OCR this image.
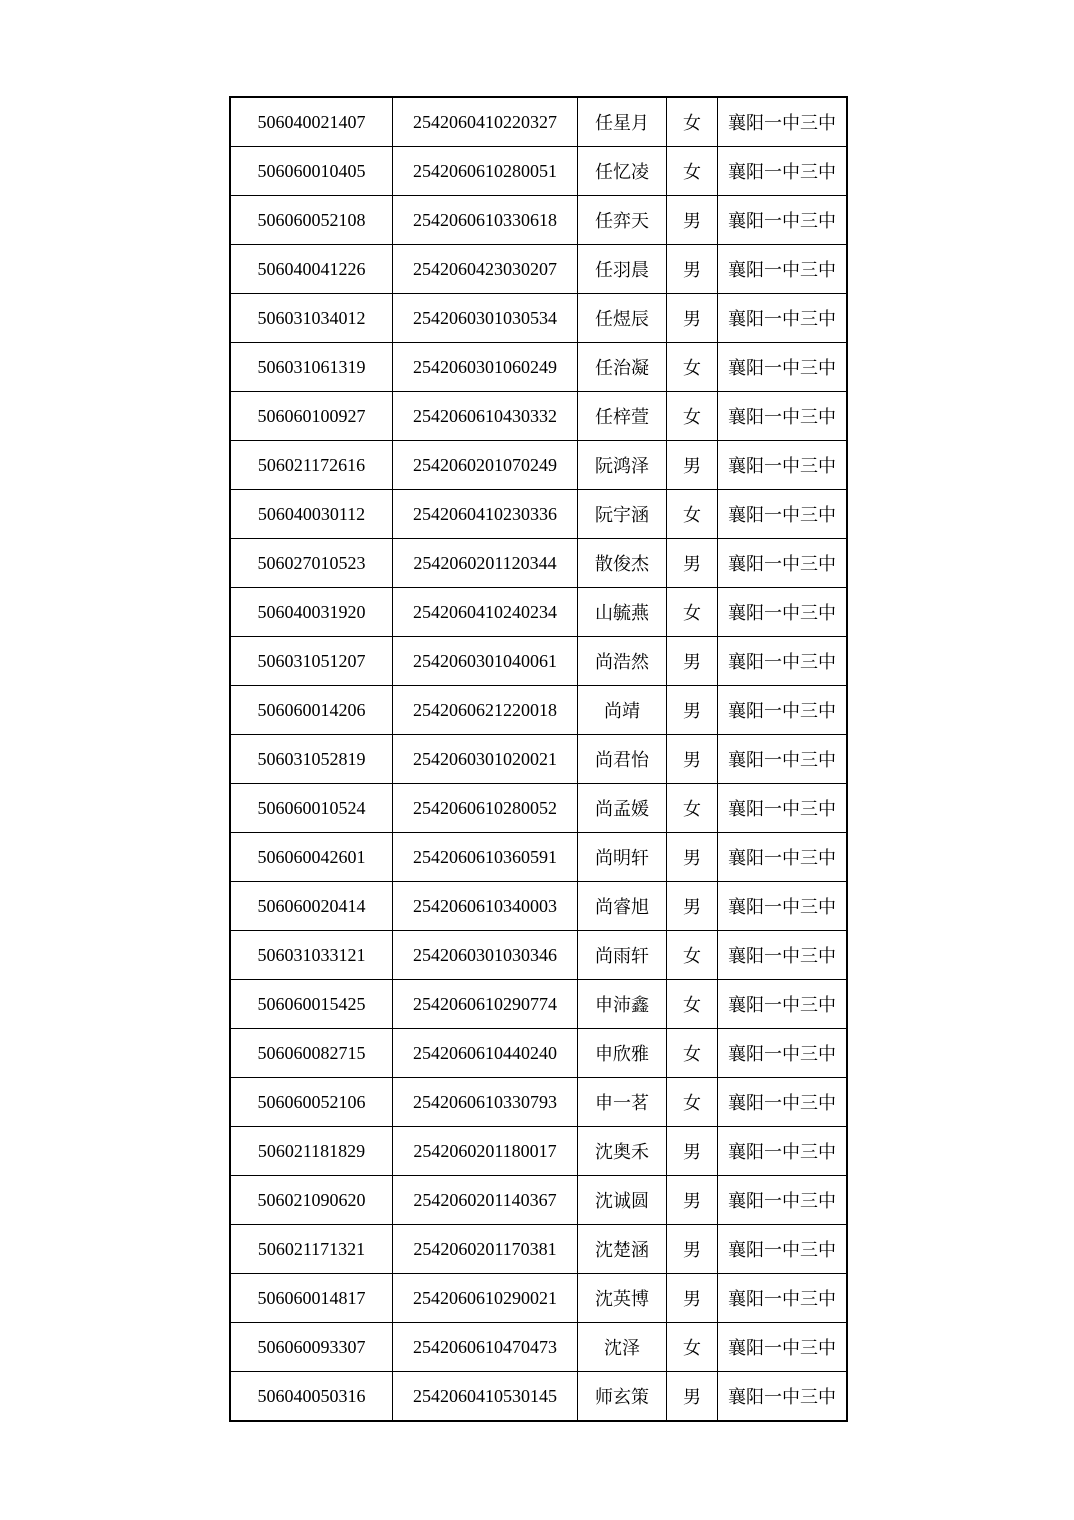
506040021407	2542060410220327	任星月	女	襄阳一中三中
506060010405	2542060610280051	任忆凌	女	襄阳一中三中
506060052108	2542060610330618	任弈天	男	襄阳一中三中
506040041226	2542060423030207	任羽晨	男	襄阳一中三中
506031034012	2542060301030534	任煜辰	男	襄阳一中三中
506031061319	2542060301060249	任治凝	女	襄阳一中三中
506060100927	2542060610430332	任梓萱	女	襄阳一中三中
506021172616	2542060201070249	阮鸿泽	男	襄阳一中三中
506040030112	2542060410230336	阮宇涵	女	襄阳一中三中
506027010523	2542060201120344	散俊杰	男	襄阳一中三中
506040031920	2542060410240234	山毓燕	女	襄阳一中三中
506031051207	2542060301040061	尚浩然	男	襄阳一中三中
506060014206	2542060621220018	尚靖	男	襄阳一中三中
506031052819	2542060301020021	尚君怡	男	襄阳一中三中
506060010524	2542060610280052	尚孟媛	女	襄阳一中三中
506060042601	2542060610360591	尚明轩	男	襄阳一中三中
506060020414	2542060610340003	尚睿旭	男	襄阳一中三中
506031033121	2542060301030346	尚雨轩	女	襄阳一中三中
506060015425	2542060610290774	申沛鑫	女	襄阳一中三中
506060082715	2542060610440240	申欣雅	女	襄阳一中三中
506060052106	2542060610330793	申一茗	女	襄阳一中三中
506021181829	2542060201180017	沈奥禾	男	襄阳一中三中
506021090620	2542060201140367	沈诚圆	男	襄阳一中三中
506021171321	2542060201170381	沈楚涵	男	襄阳一中三中
506060014817	2542060610290021	沈英博	男	襄阳一中三中
506060093307	2542060610470473	沈泽	女	襄阳一中三中
506040050316	2542060410530145	师玄策	男	襄阳一中三中
